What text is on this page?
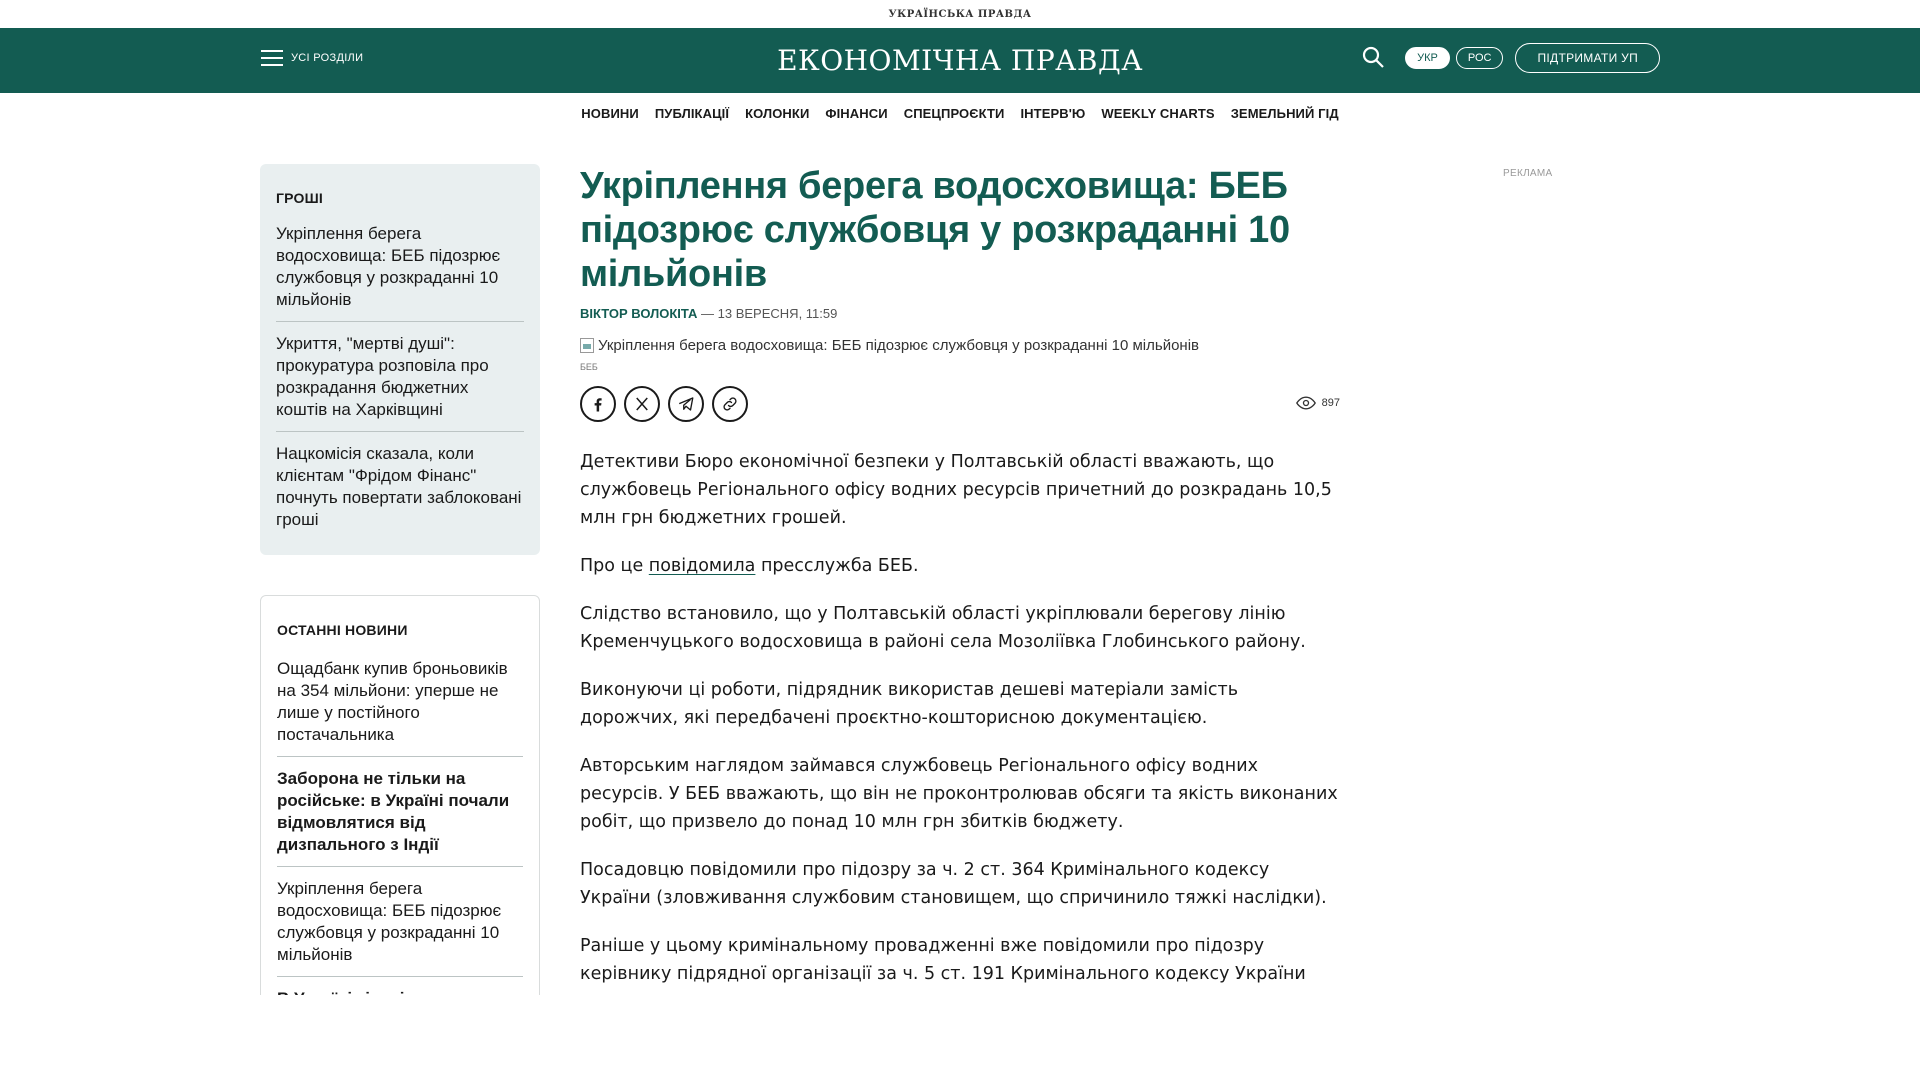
УКРАЇНСЬКА ПРАВДА
УСІ РОЗДІЛИ	ЕКОНОМІЧНА ПРАВДА	УКР	РОС	ПІДТРИМАТИ УП
НОВИНИ ПУБЛІКАЦІЇ КОЛОНКИ ФІНАНСИ СПЕЦПРОЄКТИ ІНТЕРВ'Ю WEEKLY CHARTS ЗЕМЕЛЬНИЙ ГІД
ГРОШІ
Укріплення берега водосховища: БЕБ підозрює службовця у розкраданні 10 мільйонів
Укриття, "мертві душі": прокуратура розповіла про розкрадання бюджетних коштів на Харківщині
Нацкомісія сказала, коли клієнтам "Фрідом Фінанс" почнуть повертати заблоковані гроші
ОСТАННІ НОВИНИ
Ощадбанк купив броньовиків на 354 мільйони: уперше не лише у постійного постачальника
Заборона не тільки на російське: в Україні почали відмовлятися від дизпального з Індії
Укріплення берега водосховища: БЕБ підозрює службовця у розкраданні 10 мільйонів
Укріплення берега водосховища: БЕБ підозрює службовця у розкраданні 10 мільйонів
ВІКТОР ВОЛОКІТА — 13 ВЕРЕСНЯ, 11:59
Укріплення берега водосховища: БЕБ підозрює службовця у розкраданні 10 мільйонів
БЕБ
897

Детективи Бюро економічної безпеки у Полтавській області вважають, що службовець Регіонального офісу водних ресурсів причетний до розкрадань 10,5 млн грн бюджетних грошей.

Про це повідомила пресслужба БЕБ.

Слідство встановило, що у Полтавській області укріплювали берегову лінію Кременчуцького водосховища в районі села Мозоліївка Глобинського району.

Виконуючи ці роботи, підрядник використав дешеві матеріали замість дорожчих, які передбачені проєктно-кошторисною документацією.

Авторським наглядом займався службовець Регіонального офісу водних ресурсів. У БЕБ вважають, що він не проконтролював обсяги та якість виконаних робіт, що призвело до понад 10 млн грн збитків бюджету.

Посадовцю повідомили про підозру за ч. 2 ст. 364 Кримінального кодексу України (зловживання службовим становищем, що спричинило тяжкі наслідки).

Раніше у цьому кримінальному провадженні вже повідомили про підозру керівнику підрядної організації за ч. 5 ст. 191 Кримінального кодексу України

РЕКЛАМА
